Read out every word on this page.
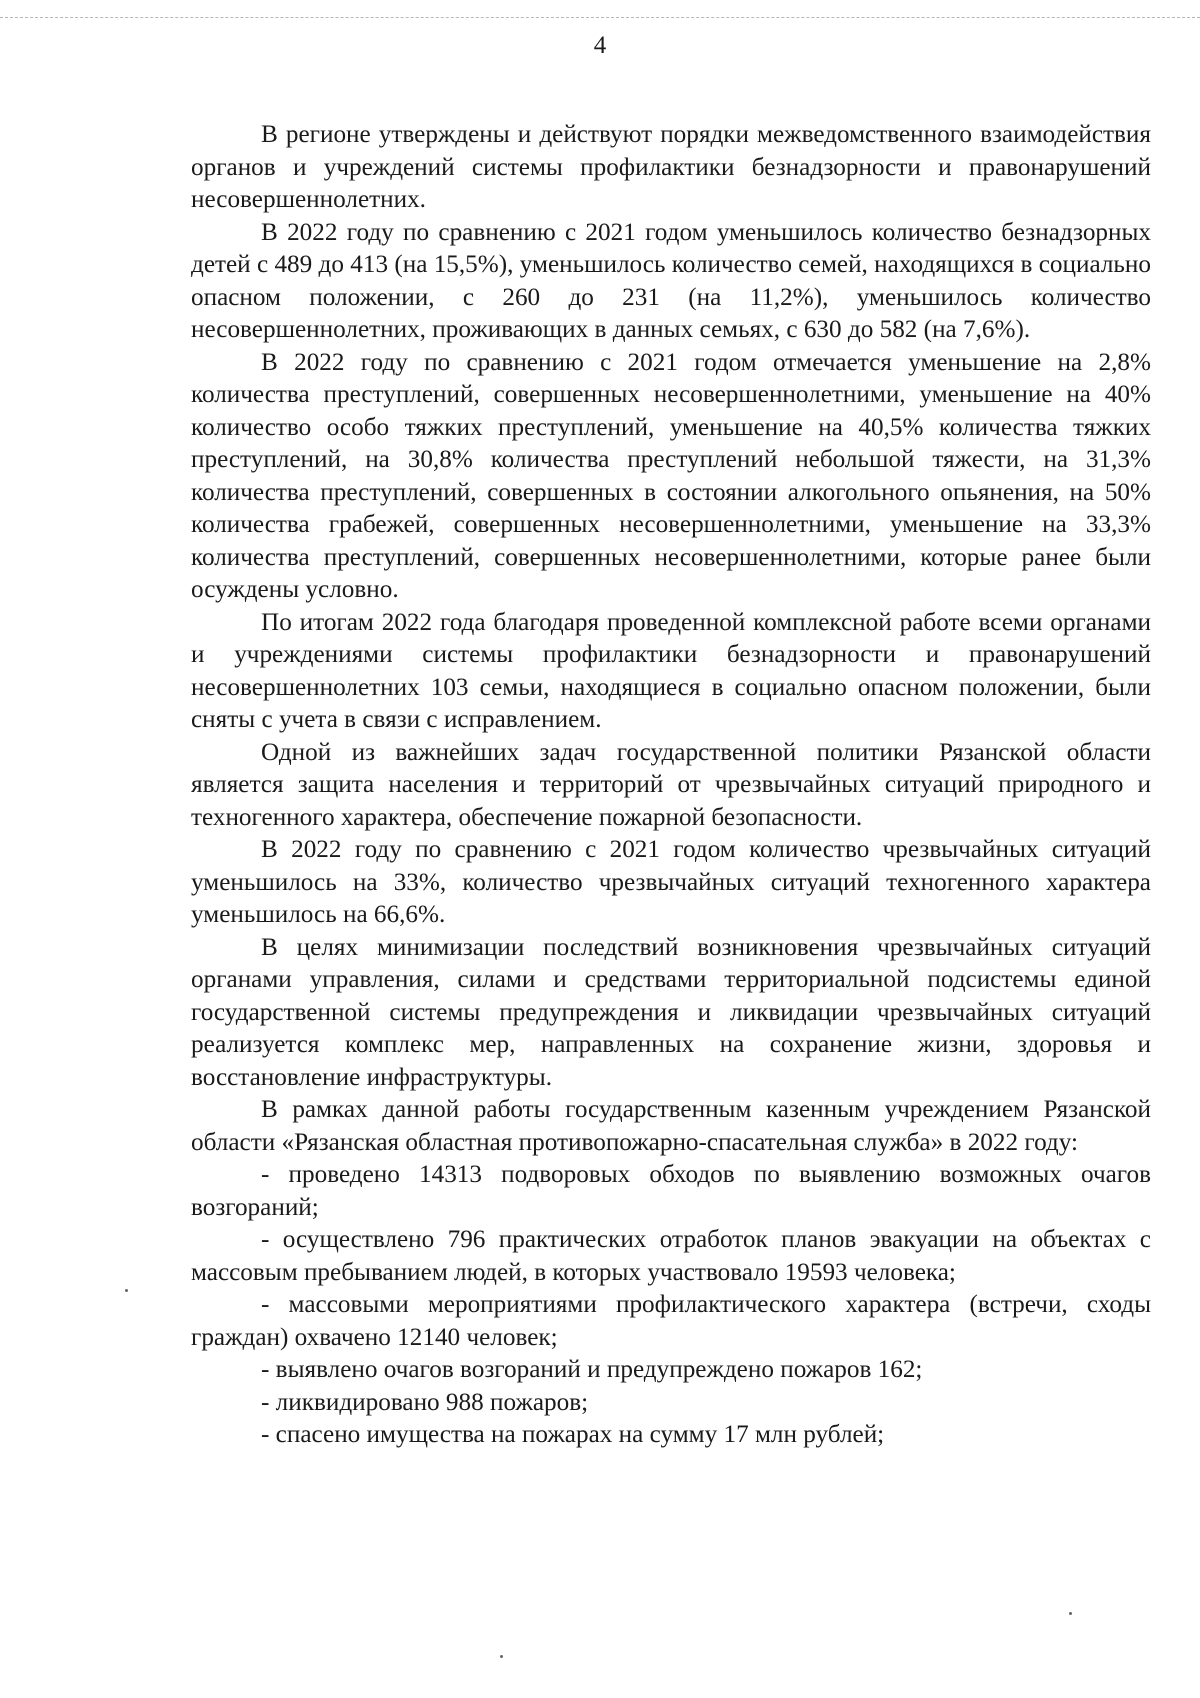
4

В регионе утверждены и действуют порядки межведомственного взаимодействия органов и учреждений системы профилактики безнадзорности и правонарушений несовершеннолетних.

В 2022 году по сравнению с 2021 годом уменьшилось количество безнадзорных детей с 489 до 413 (на 15,5%), уменьшилось количество семей, находящихся в социально опасном положении, с 260 до 231 (на 11,2%), уменьшилось количество несовершеннолетних, проживающих в данных семьях, с 630 до 582 (на 7,6%).

В 2022 году по сравнению с 2021 годом отмечается уменьшение на 2,8% количества преступлений, совершенных несовершеннолетними, уменьшение на 40% количество особо тяжких преступлений, уменьшение на 40,5% количества тяжких преступлений, на 30,8% количества преступлений небольшой тяжести, на 31,3% количества преступлений, совершенных в состоянии алкогольного опьянения, на 50% количества грабежей, совершенных несовершеннолетними, уменьшение на 33,3% количества преступлений, совершенных несовершеннолетними, которые ранее были осуждены условно.

По итогам 2022 года благодаря проведенной комплексной работе всеми органами и учреждениями системы профилактики безнадзорности и правонарушений несовершеннолетних 103 семьи, находящиеся в социально опасном положении, были сняты с учета в связи с исправлением.

Одной из важнейших задач государственной политики Рязанской области является защита населения и территорий от чрезвычайных ситуаций природного и техногенного характера, обеспечение пожарной безопасности.

В 2022 году по сравнению с 2021 годом количество чрезвычайных ситуаций уменьшилось на 33%, количество чрезвычайных ситуаций техногенного характера уменьшилось на 66,6%.

В целях минимизации последствий возникновения чрезвычайных ситуаций органами управления, силами и средствами территориальной подсистемы единой государственной системы предупреждения и ликвидации чрезвычайных ситуаций реализуется комплекс мер, направленных на сохранение жизни, здоровья и восстановление инфраструктуры.

В рамках данной работы государственным казенным учреждением Рязанской области «Рязанская областная противопожарно-спасательная служба» в 2022 году:

- проведено 14313 подворовых обходов по выявлению возможных очагов возгораний;

- осуществлено 796 практических отработок планов эвакуации на объектах с массовым пребыванием людей, в которых участвовало 19593 человека;

- массовыми мероприятиями профилактического характера (встречи, сходы граждан) охвачено 12140 человек;

- выявлено очагов возгораний и предупреждено пожаров 162;

- ликвидировано 988 пожаров;

- спасено имущества на пожарах на сумму 17 млн рублей;
